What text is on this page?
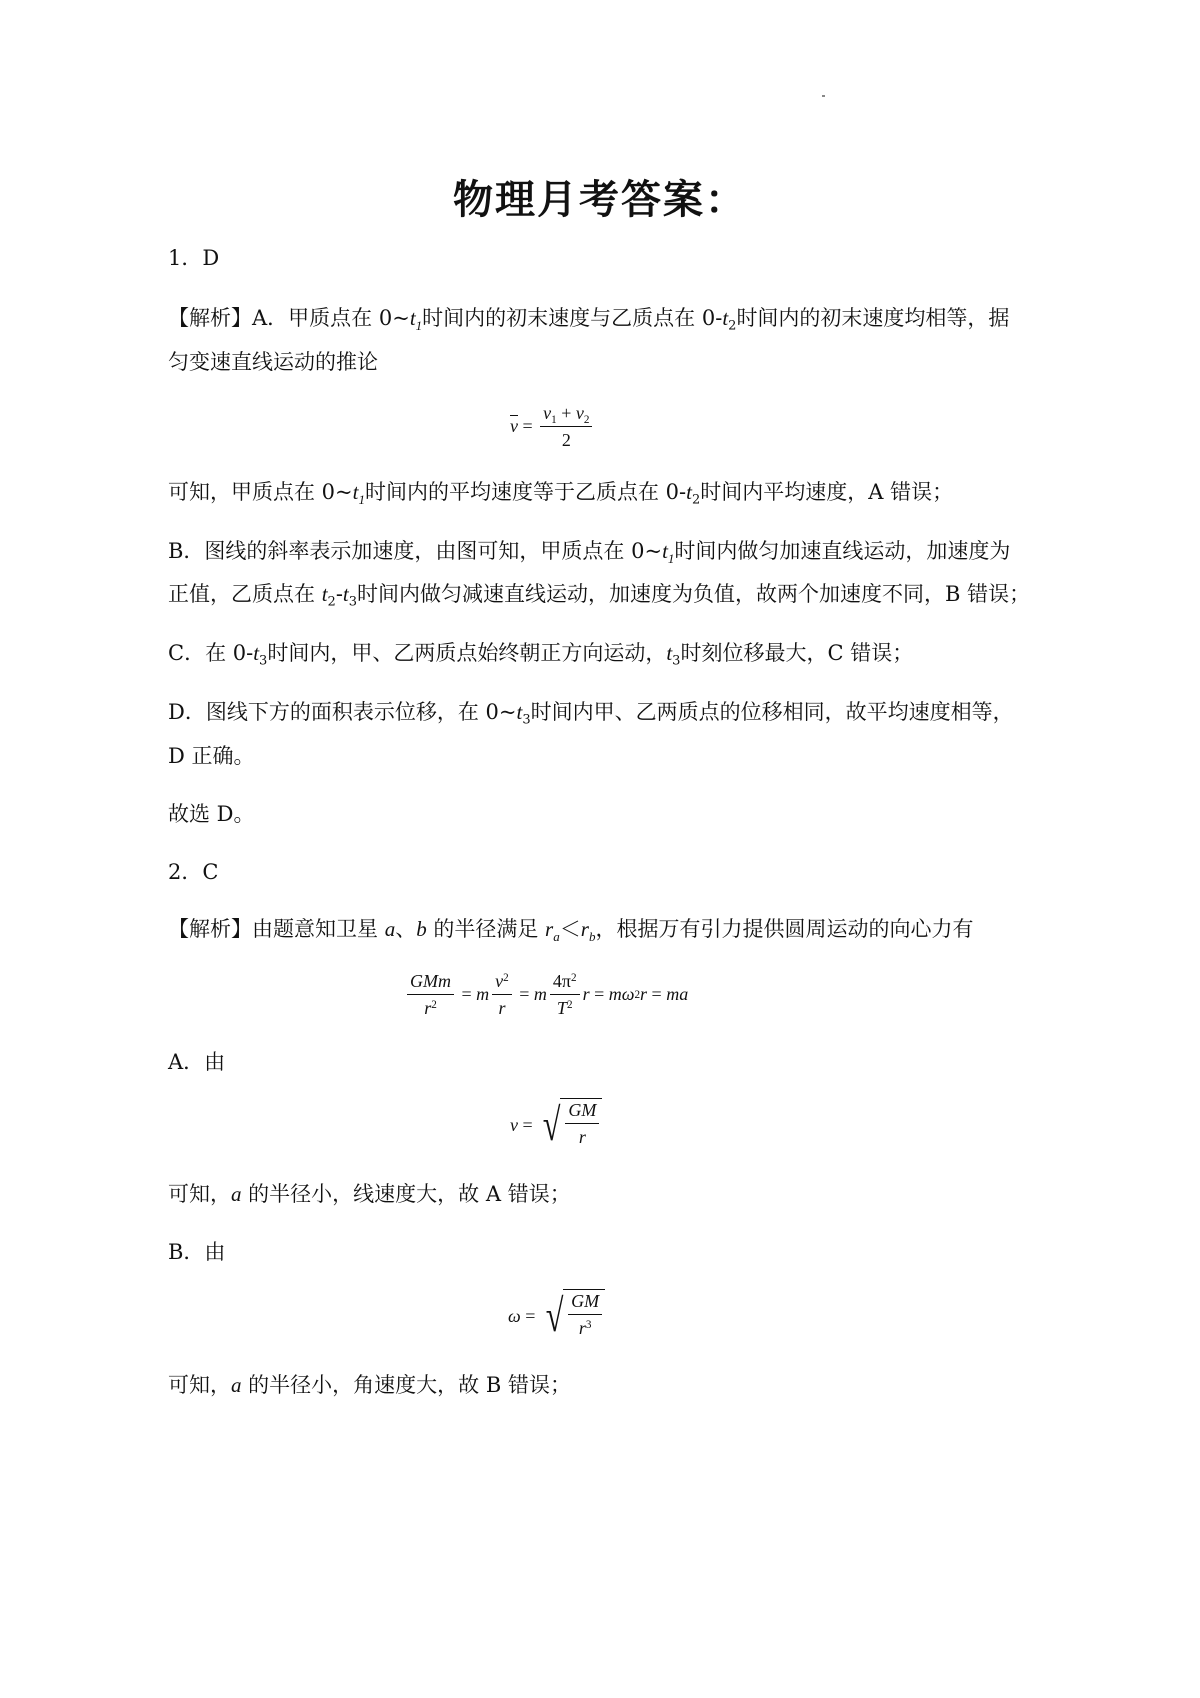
物理月考答案：
1．D
【解析】A．甲质点在 $0\sim t_1$时间内的初末速度与乙质点在 $0-t_2$时间内的初末速度均相等，据
匀变速直线运动的推论
$\overline{v} = \frac{v_1 + v_2}{2}$
可知，甲质点在 $0\sim t_1$时间内的平均速度等于乙质点在 $0-t_2$时间内平均速度，A 错误；
B．图线的斜率表示加速度，由图可知，甲质点在 $0\sim t_1$时间内做匀加速直线运动，加速度为
正值，乙质点在 $t_2-t_3$时间内做匀减速直线运动，加速度为负值，故两个加速度不同，B 错误；
C．在 $0-t_3$时间内，甲、乙两质点始终朝正方向运动，$t_3$时刻位移最大，C 错误；
D．图线下方的面积表示位移，在 $0\sim t_3$时间内甲、乙两质点的位移相同，故平均速度相等，
D 正确。
故选 D。
2．C
【解析】由题意知卫星 a、b 的半径满足 $r_a<r_b$，根据万有引力提供圆周运动的向心力有
$\frac{\text{GMm}}{r^2} = m \frac{v^2}{r} = m \frac{4\pi^2}{T^2}$ r = m ω 2 r = m a
A．由
v = √ $\frac{GM}{r}$
可知，a 的半径小，线速度大，故 A 错误；
B．由
ω = √ $\frac{GM}{r^3}$
可知，a 的半径小，角速度大，故 B 错误；
